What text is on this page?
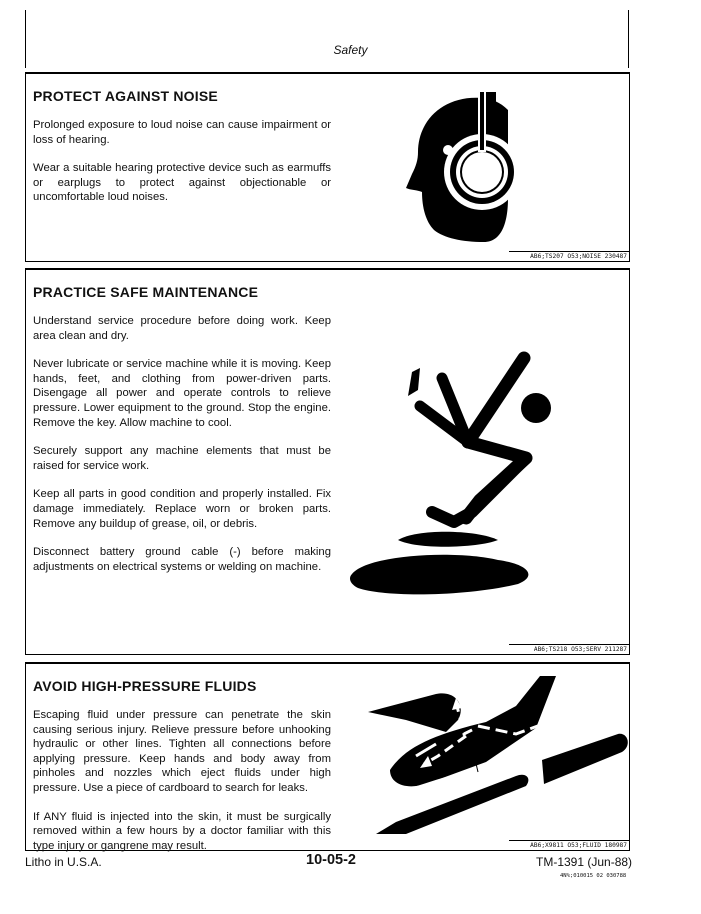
Safety
PROTECT AGAINST NOISE

Prolonged exposure to loud noise can cause impairment or loss of hearing.

Wear a suitable hearing protective device such as earmuffs or earplugs to protect against objectionable or uncomfortable loud noises.

AB6;TS207 O53;NOISE 230487
PRACTICE SAFE MAINTENANCE

Understand service procedure before doing work. Keep area clean and dry.

Never lubricate or service machine while it is moving. Keep hands, feet, and clothing from power-driven parts. Disengage all power and operate controls to relieve pressure. Lower equipment to the ground. Stop the engine. Remove the key. Allow machine to cool.

Securely support any machine elements that must be raised for service work.

Keep all parts in good condition and properly installed. Fix damage immediately. Replace worn or broken parts. Remove any buildup of grease, oil, or debris.

Disconnect battery ground cable (-) before making adjustments on electrical systems or welding on machine.

AB6;TS218 O53;SERV 211287
AVOID HIGH-PRESSURE FLUIDS

Escaping fluid under pressure can penetrate the skin causing serious injury. Relieve pressure before unhooking hydraulic or other lines. Tighten all connections before applying pressure. Keep hands and body away from pinholes and nozzles which eject fluids under high pressure. Use a piece of cardboard to search for leaks.

If ANY fluid is injected into the skin, it must be surgically removed within a few hours by a doctor familiar with this type injury or gangrene may result.	AB6;X9811 O53;FLUID 180987
Litho in U.S.A.	10-05-2	TM-1391 (Jun-88)
4N%;010015 02 030788
